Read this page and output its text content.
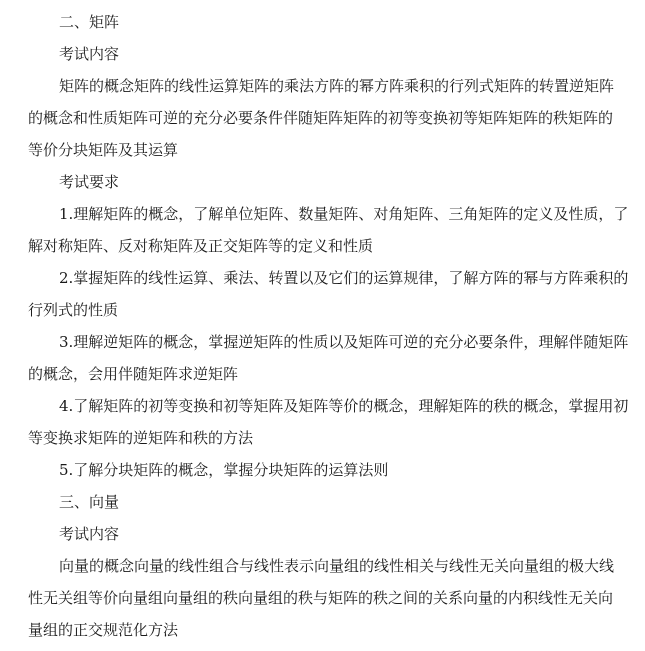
二、矩阵

考试内容

矩阵的概念矩阵的线性运算矩阵的乘法方阵的幂方阵乘积的行列式矩阵的转置逆矩阵

的概念和性质矩阵可逆的充分必要条件伴随矩阵矩阵的初等变换初等矩阵矩阵的秩矩阵的

等价分块矩阵及其运算

考试要求

1.理解矩阵的概念，了解单位矩阵、数量矩阵、对角矩阵、三角矩阵的定义及性质，了

解对称矩阵、反对称矩阵及正交矩阵等的定义和性质

2.掌握矩阵的线性运算、乘法、转置以及它们的运算规律，了解方阵的幂与方阵乘积的

行列式的性质

3.理解逆矩阵的概念，掌握逆矩阵的性质以及矩阵可逆的充分必要条件，理解伴随矩阵

的概念，会用伴随矩阵求逆矩阵

4.了解矩阵的初等变换和初等矩阵及矩阵等价的概念，理解矩阵的秩的概念，掌握用初

等变换求矩阵的逆矩阵和秩的方法

5.了解分块矩阵的概念，掌握分块矩阵的运算法则

三、向量

考试内容

向量的概念向量的线性组合与线性表示向量组的线性相关与线性无关向量组的极大线

性无关组等价向量组向量组的秩向量组的秩与矩阵的秩之间的关系向量的内积线性无关向

量组的正交规范化方法
